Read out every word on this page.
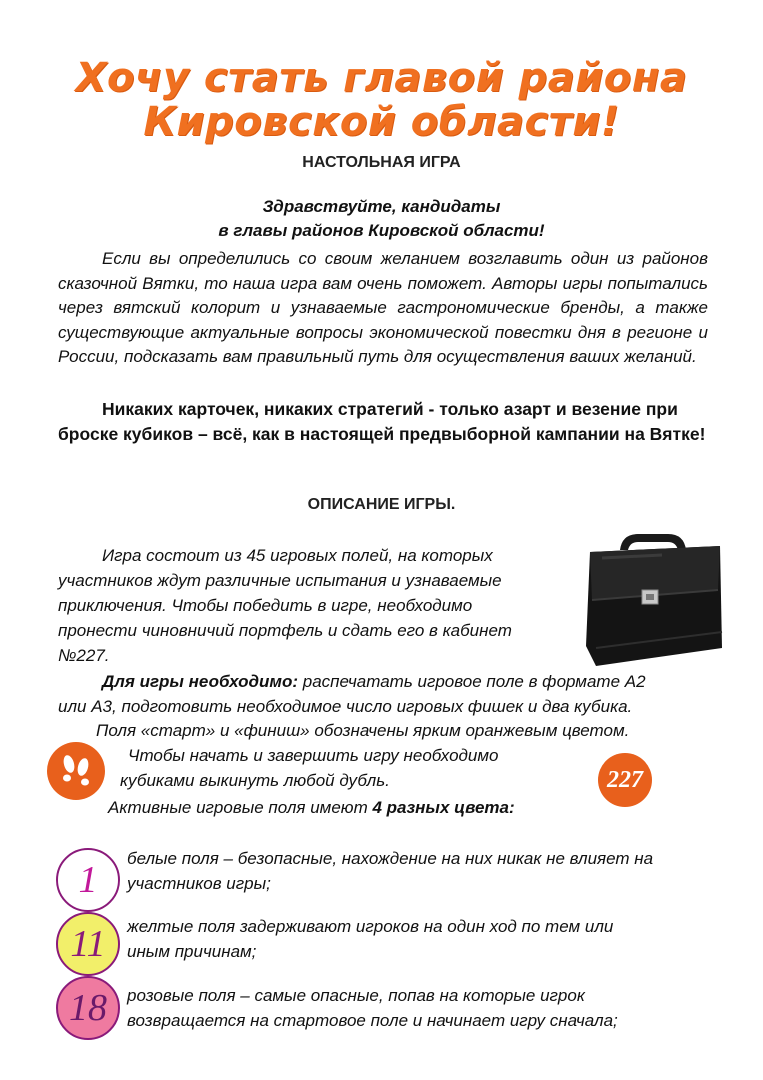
Хочу стать главой района
Кировской области!
НАСТОЛЬНАЯ ИГРА
Здравствуйте, кандидаты
в главы районов Кировской области!
Если вы определились со своим желанием возглавить один из районов сказочной Вятки, то наша игра вам очень поможет. Авторы игры попытались через вятский колорит и узнаваемые гастрономические бренды, а также существующие актуальные вопросы экономической повестки дня в регионе и России, подсказать вам правильный путь для осуществления ваших желаний.
Никаких карточек, никаких стратегий - только азарт и везение при броске кубиков – всё, как в настоящей предвыборной кампании на Вятке!
ОПИСАНИЕ ИГРЫ.
Игра состоит из 45 игровых полей, на которых
участников ждут различные испытания и узнаваемые
приключения. Чтобы победить в игре, необходимо
пронести чиновничий портфель и сдать его в кабинет
№227.
Для игры необходимо: распечатать игровое поле в формате А2
или А3, подготовить необходимое число игровых фишек и два кубика.
Поля «старт» и «финиш» обозначены ярким оранжевым цветом.
Чтобы начать и завершить игру необходимо
кубиками выкинуть любой дубль.	227
Активные игровые поля имеют 4 разных цвета:
1
белые поля – безопасные, нахождение на них никак не влияет на
участников игры;
11	желтые поля задерживают игроков на один ход по тем или
иным причинам;
18	розовые поля – самые опасные, попав на которые игрок
возвращается на стартовое поле и начинает игру сначала;
